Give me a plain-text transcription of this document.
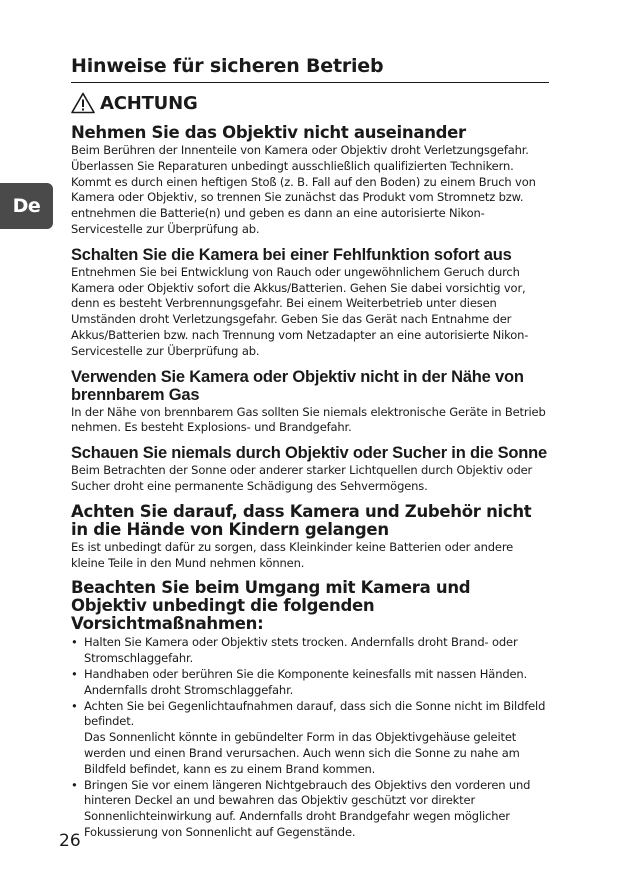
De
Hinweise für sicheren Betrieb
ACHTUNG
Nehmen Sie das Objektiv nicht auseinander

Beim Berühren der Innenteile von Kamera oder Objektiv droht Verletzungsgefahr. Überlassen Sie Reparaturen unbedingt ausschließlich qualifizierten Technikern. Kommt es durch einen heftigen Stoß (z. B. Fall auf den Boden) zu einem Bruch von Kamera oder Objektiv, so trennen Sie zunächst das Produkt vom Stromnetz bzw. entnehmen die Batterie(n) und geben es dann an eine autorisierte Nikon-Servicestelle zur Überprüfung ab.

Schalten Sie die Kamera bei einer Fehlfunktion sofort aus

Entnehmen Sie bei Entwicklung von Rauch oder ungewöhnlichem Geruch durch Kamera oder Objektiv sofort die Akkus/Batterien. Gehen Sie dabei vorsichtig vor, denn es besteht Verbrennungsgefahr. Bei einem Weiterbetrieb unter diesen Umständen droht Verletzungsgefahr. Geben Sie das Gerät nach Entnahme der Akkus/Batterien bzw. nach Trennung vom Netzadapter an eine autorisierte Nikon-Servicestelle zur Überprüfung ab.

Verwenden Sie Kamera oder Objektiv nicht in der Nähe von brennbarem Gas

In der Nähe von brennbarem Gas sollten Sie niemals elektronische Geräte in Betrieb nehmen. Es besteht Explosions- und Brandgefahr.

Schauen Sie niemals durch Objektiv oder Sucher in die Sonne

Beim Betrachten der Sonne oder anderer starker Lichtquellen durch Objektiv oder Sucher droht eine permanente Schädigung des Sehvermögens.

Achten Sie darauf, dass Kamera und Zubehör nicht in die Hände von Kindern gelangen

Es ist unbedingt dafür zu sorgen, dass Kleinkinder keine Batterien oder andere kleine Teile in den Mund nehmen können.

Beachten Sie beim Umgang mit Kamera und Objektiv unbedingt die folgenden Vorsichtmaßnahmen:
• Halten Sie Kamera oder Objektiv stets trocken. Andernfalls droht Brand- oder Stromschlaggefahr.
• Handhaben oder berühren Sie die Komponente keinesfalls mit nassen Händen. Andernfalls droht Stromschlaggefahr.
• Achten Sie bei Gegenlichtaufnahmen darauf, dass sich die Sonne nicht im Bildfeld befindet.
Das Sonnenlicht könnte in gebündelter Form in das Objektivgehäuse geleitet werden und einen Brand verursachen. Auch wenn sich die Sonne zu nahe am Bildfeld befindet, kann es zu einem Brand kommen.
• Bringen Sie vor einem längeren Nichtgebrauch des Objektivs den vorderen und hinteren Deckel an und bewahren das Objektiv geschützt vor direkter Sonnenlichteinwirkung auf. Andernfalls droht Brandgefahr wegen möglicher Fokussierung von Sonnenlicht auf Gegenstände.
26
